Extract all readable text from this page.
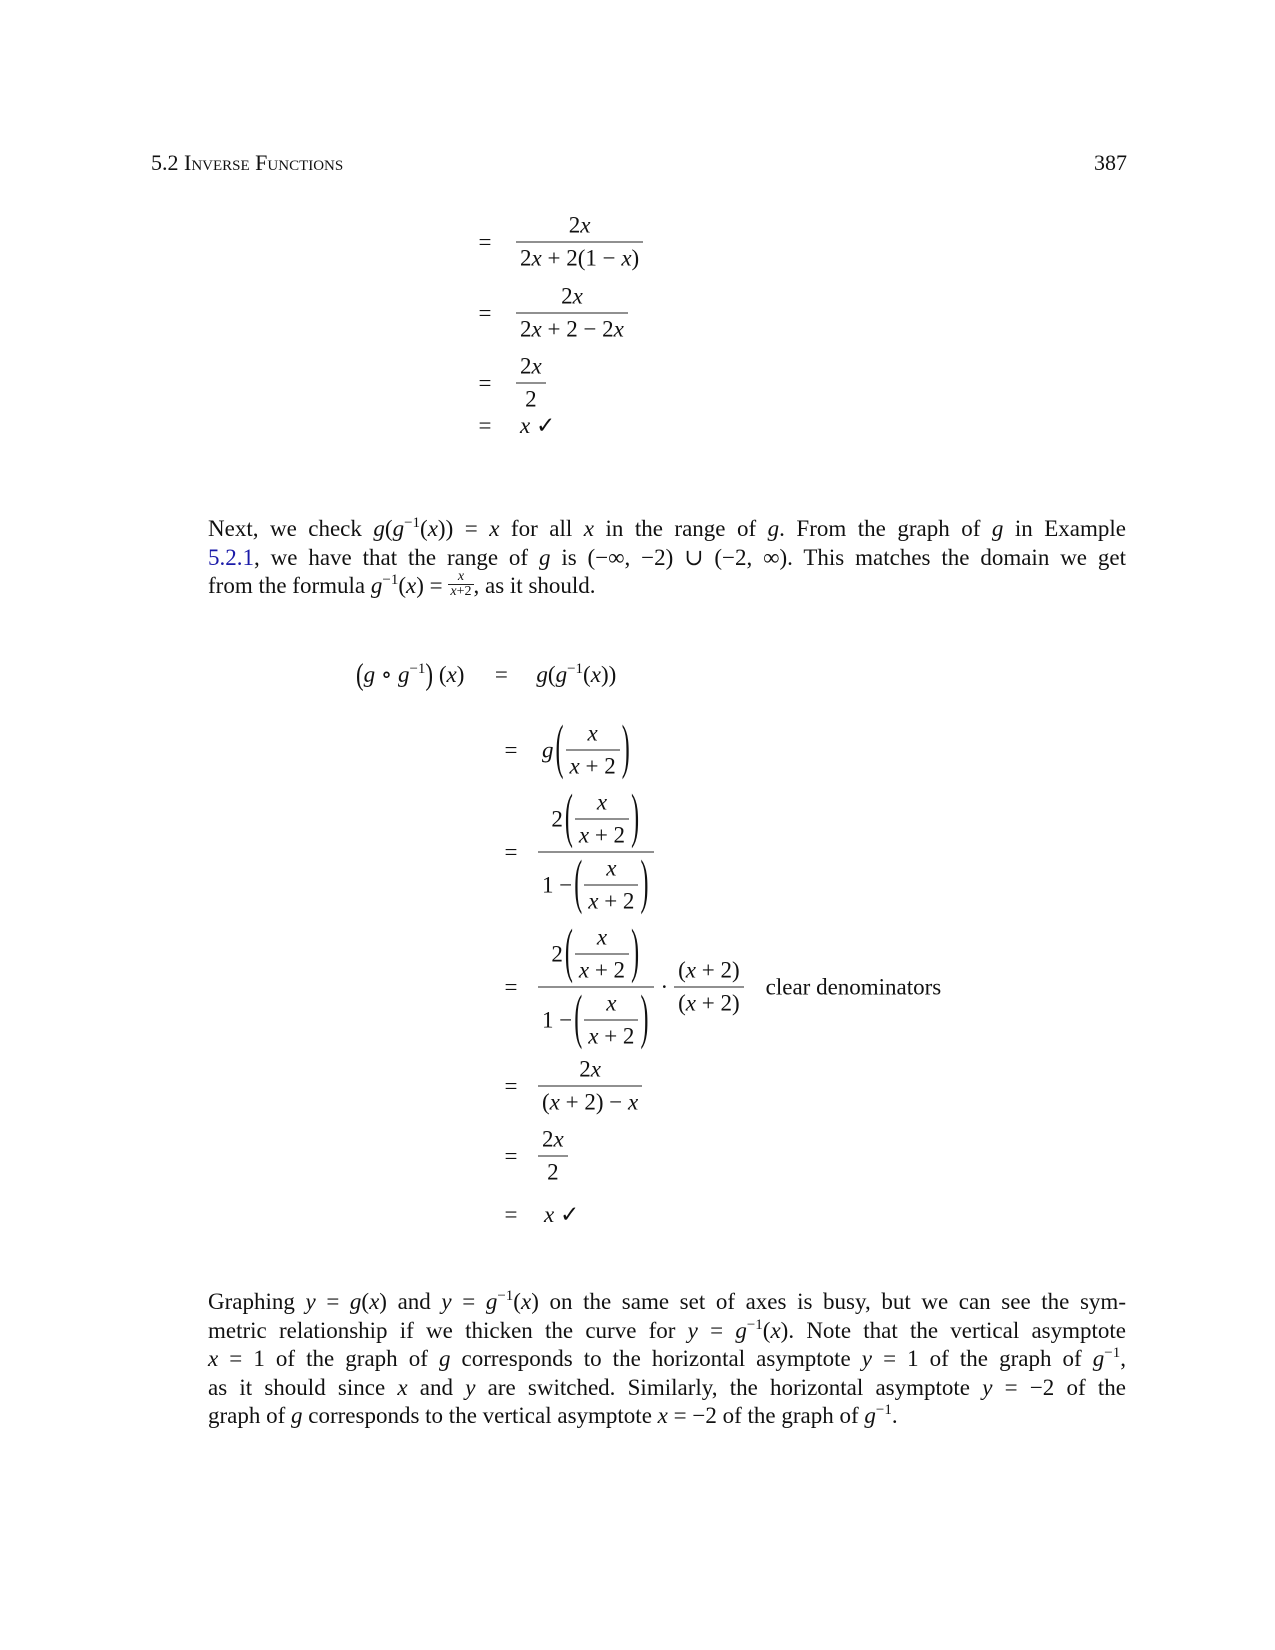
5.2 Inverse Functions	387
= $\frac{2x}{2x + 2(1 - x)}$
= $\frac{2x}{2x + 2 - 2x}$
= $\frac{2x}{2}$
= x
✓
Next, we check $g(g^{-1}(x)) = x$ for all x in the range of g. From the graph of g in Example
5.2.1, we have that the range of g is (−∞, −2) ∪ (−2, ∞). This matches the domain we get
from the formula $g^{-1}(x) = \frac{x}{x+2}$ , as it should.
(g ∘ $g^{-1}$) $(x) = g(g^{-1}(x))$
= g ( $\frac{x}{x + 2}$ )
= $\frac{2 ( \frac{x}{x + 2} )}{1 - ( \frac{x}{x + 2} )}$
= $\frac{2 ( \frac{x}{x + 2} )}{1 - ( \frac{x}{x + 2} )} \cdot \frac{(x + 2)}{(x + 2)}$ clear denominators
= $\frac{2x}{(x + 2) - x}$
= $\frac{2x}{2}$
= x
✓
Graphing y = g(x) and $y = g^{-1}(x)$ on the same set of axes is busy, but we can see the sym-
metric relationship if we thicken the curve for $y = g^{-1}(x)$. Note that the vertical asymptote
x = 1 of the graph of g corresponds to the horizontal asymptote y = 1 of the graph of $g^{-1}$,
as it should since x and y are switched. Similarly, the horizontal asymptote y = −2 of the
graph of g corresponds to the vertical asymptote x = −2 of the graph of $g^{-1}$.
